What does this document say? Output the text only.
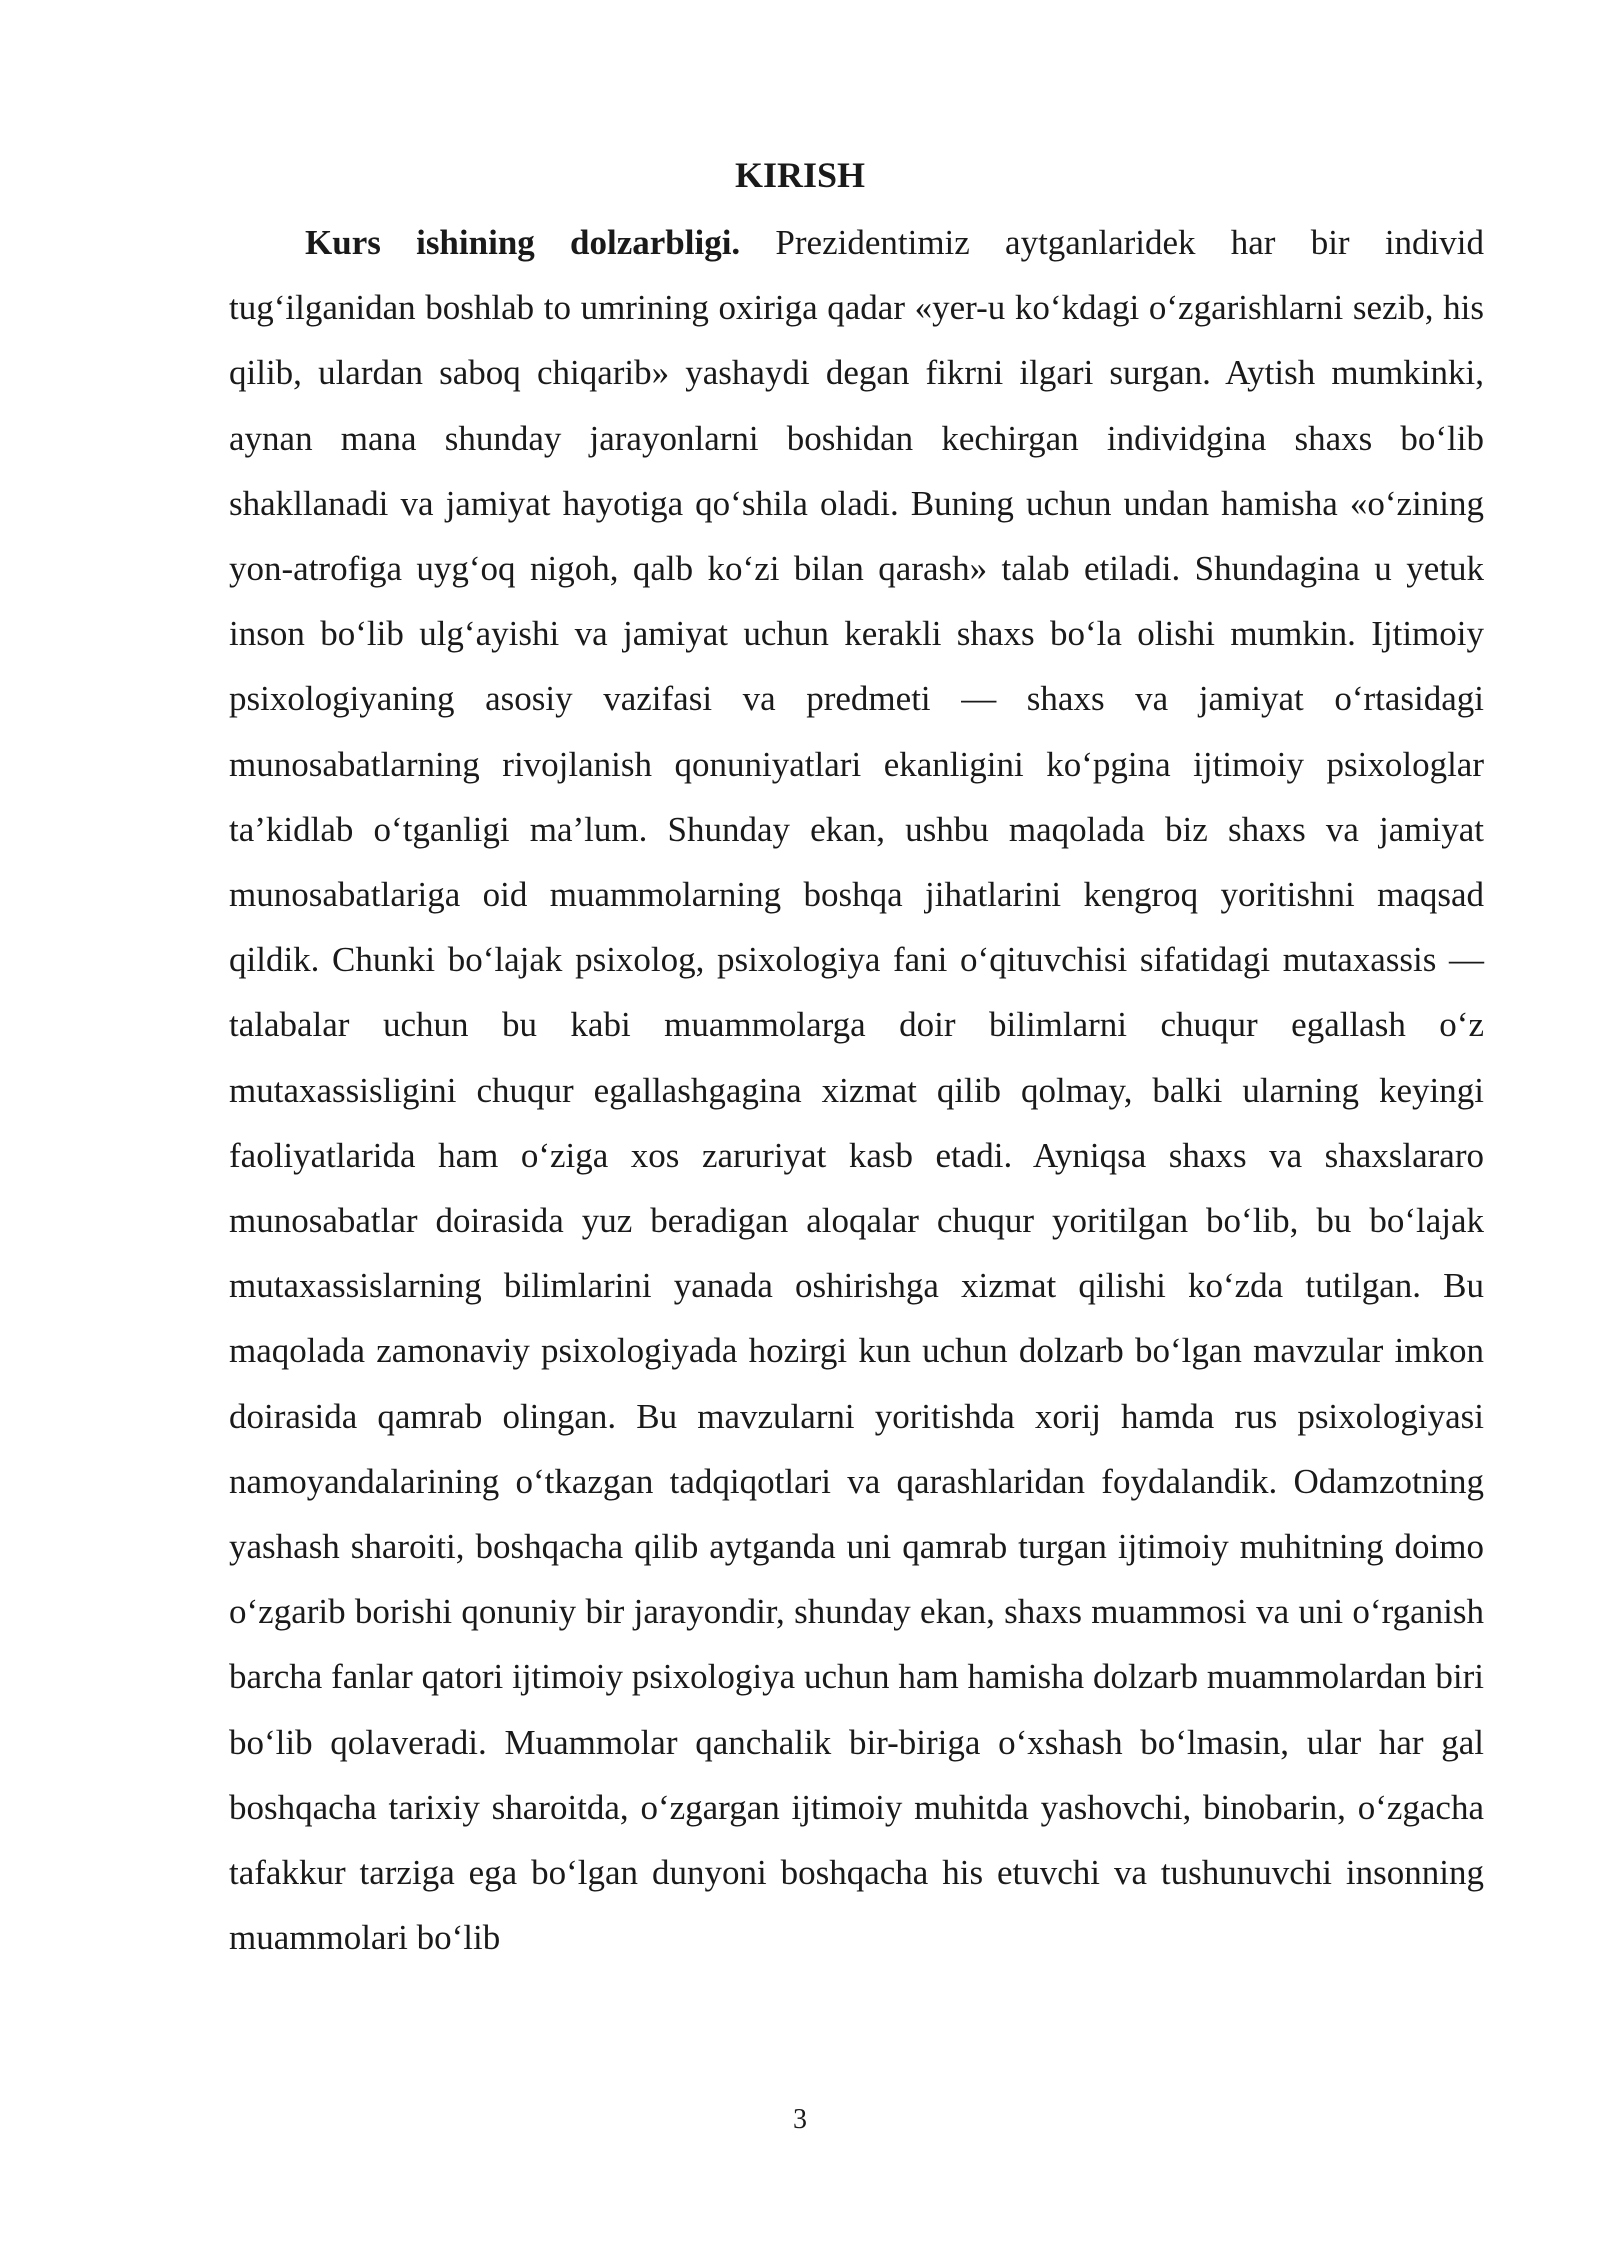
KIRISH

Kurs ishining dolzarbligi. Prezidentimiz aytganlaridek har bir individ tug‘ilganidan boshlab to umrining oxiriga qadar «yer-u ko‘kdagi o‘zgarishlarni sezib, his qilib, ulardan saboq chiqarib» yashaydi degan fikrni ilgari surgan. Aytish mumkinki, aynan mana shunday jarayonlarni boshidan kechirgan individgina shaxs bo‘lib shakllanadi va jamiyat hayotiga qo‘shila oladi. Buning uchun undan hamisha «o‘zining yon-atrofiga uyg‘oq nigoh, qalb ko‘zi bilan qarash» talab etiladi. Shundagina u yetuk inson bo‘lib ulg‘ayishi va jamiyat uchun kerakli shaxs bo‘la olishi mumkin. Ijtimoiy psixologiyaning asosiy vazifasi va predmeti — shaxs va jamiyat o‘rtasidagi munosabatlarning rivojlanish qonuniyatlari ekanligini ko‘pgina ijtimoiy psixologlar ta’kidlab o‘tganligi ma’lum. Shunday ekan, ushbu maqolada biz shaxs va jamiyat munosabatlariga oid muammolarning boshqa jihatlarini kengroq yoritishni maqsad qildik. Chunki bo‘lajak psixolog, psixologiya fani o‘qituvchisi sifatidagi mutaxassis — talabalar uchun bu kabi muammolarga doir bilimlarni chuqur egallash o‘z mutaxassisligini chuqur egallashgagina xizmat qilib qolmay, balki ularning keyingi faoliyatlarida ham o‘ziga xos zaruriyat kasb etadi. Ayniqsa shaxs va shaxslararo munosabatlar doirasida yuz beradigan aloqalar chuqur yoritilgan bo‘lib, bu bo‘lajak mutaxassislarning bilimlarini yanada oshirishga xizmat qilishi ko‘zda tutilgan. Bu maqolada zamonaviy psixologiyada hozirgi kun uchun dolzarb bo‘lgan mavzular imkon doirasida qamrab olingan. Bu mavzularni yoritishda xorij hamda rus psixologiyasi namoyandalarining o‘tkazgan tadqiqotlari va qarashlaridan foydalandik. Odamzotning yashash sharoiti, boshqacha qilib aytganda uni qamrab turgan ijtimoiy muhitning doimo o‘zgarib borishi qonuniy bir jarayondir, shunday ekan, shaxs muammosi va uni o‘rganish barcha fanlar qatori ijtimoiy psixologiya uchun ham hamisha dolzarb muammolardan biri bo‘lib qolaveradi. Muammolar qanchalik bir-biriga o‘xshash bo‘lmasin, ular har gal boshqacha tarixiy sharoitda, o‘zgargan ijtimoiy muhitda yashovchi, binobarin, o‘zgacha tafakkur tarziga ega bo‘lgan dunyoni boshqacha his etuvchi va tushunuvchi insonning muammolari bo‘lib

3
